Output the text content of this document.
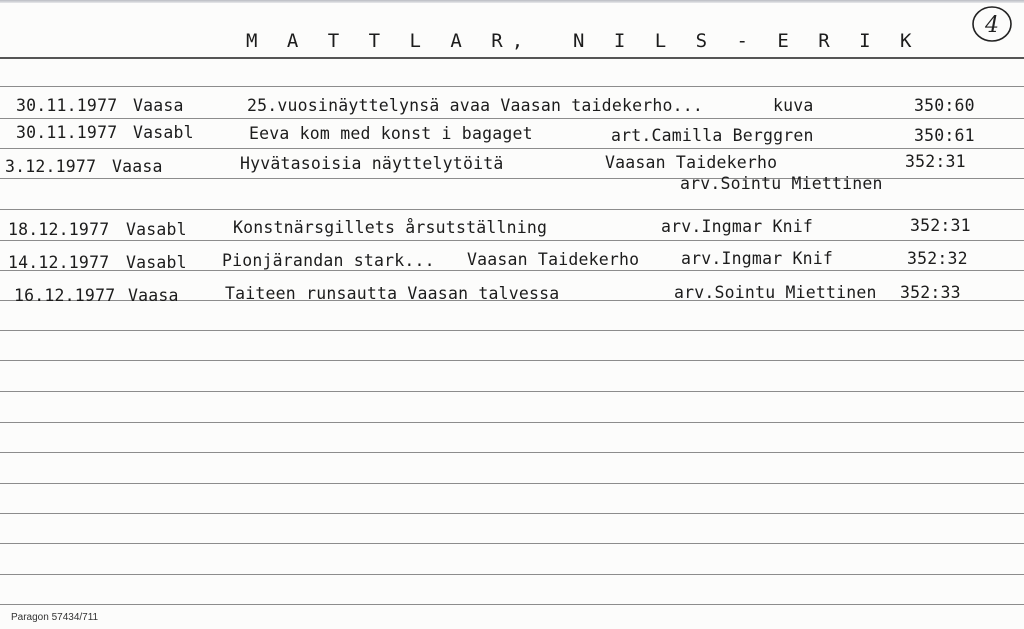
M A T T L A R,  N I L S - E R I K
4
30.11.1977 Vaasa	25.vuosinäyttelynsä avaa Vaasan taidekerho...	kuva	350:60
30.11.1977 Vasabl	Eeva kom med konst i bagaget	art.Camilla Berggren	350:61
3.12.1977 Vaasa	Hyvätasoisia näyttelytöitä	Vaasan Taidekerho	352:31
arv.Sointu Miettinen
18.12.1977 Vasabl	Konstnärsgillets årsutställning	arv.Ingmar Knif	352:31
14.12.1977 Vasabl Pionjärandan stark... Vaasan Taidekerho	arv.Ingmar Knif	352:32
16.12.1977 Vaasa	Taiteen runsautta Vaasan talvessa	arv.Sointu Miettinen 352:33
Paragon 57434/711
